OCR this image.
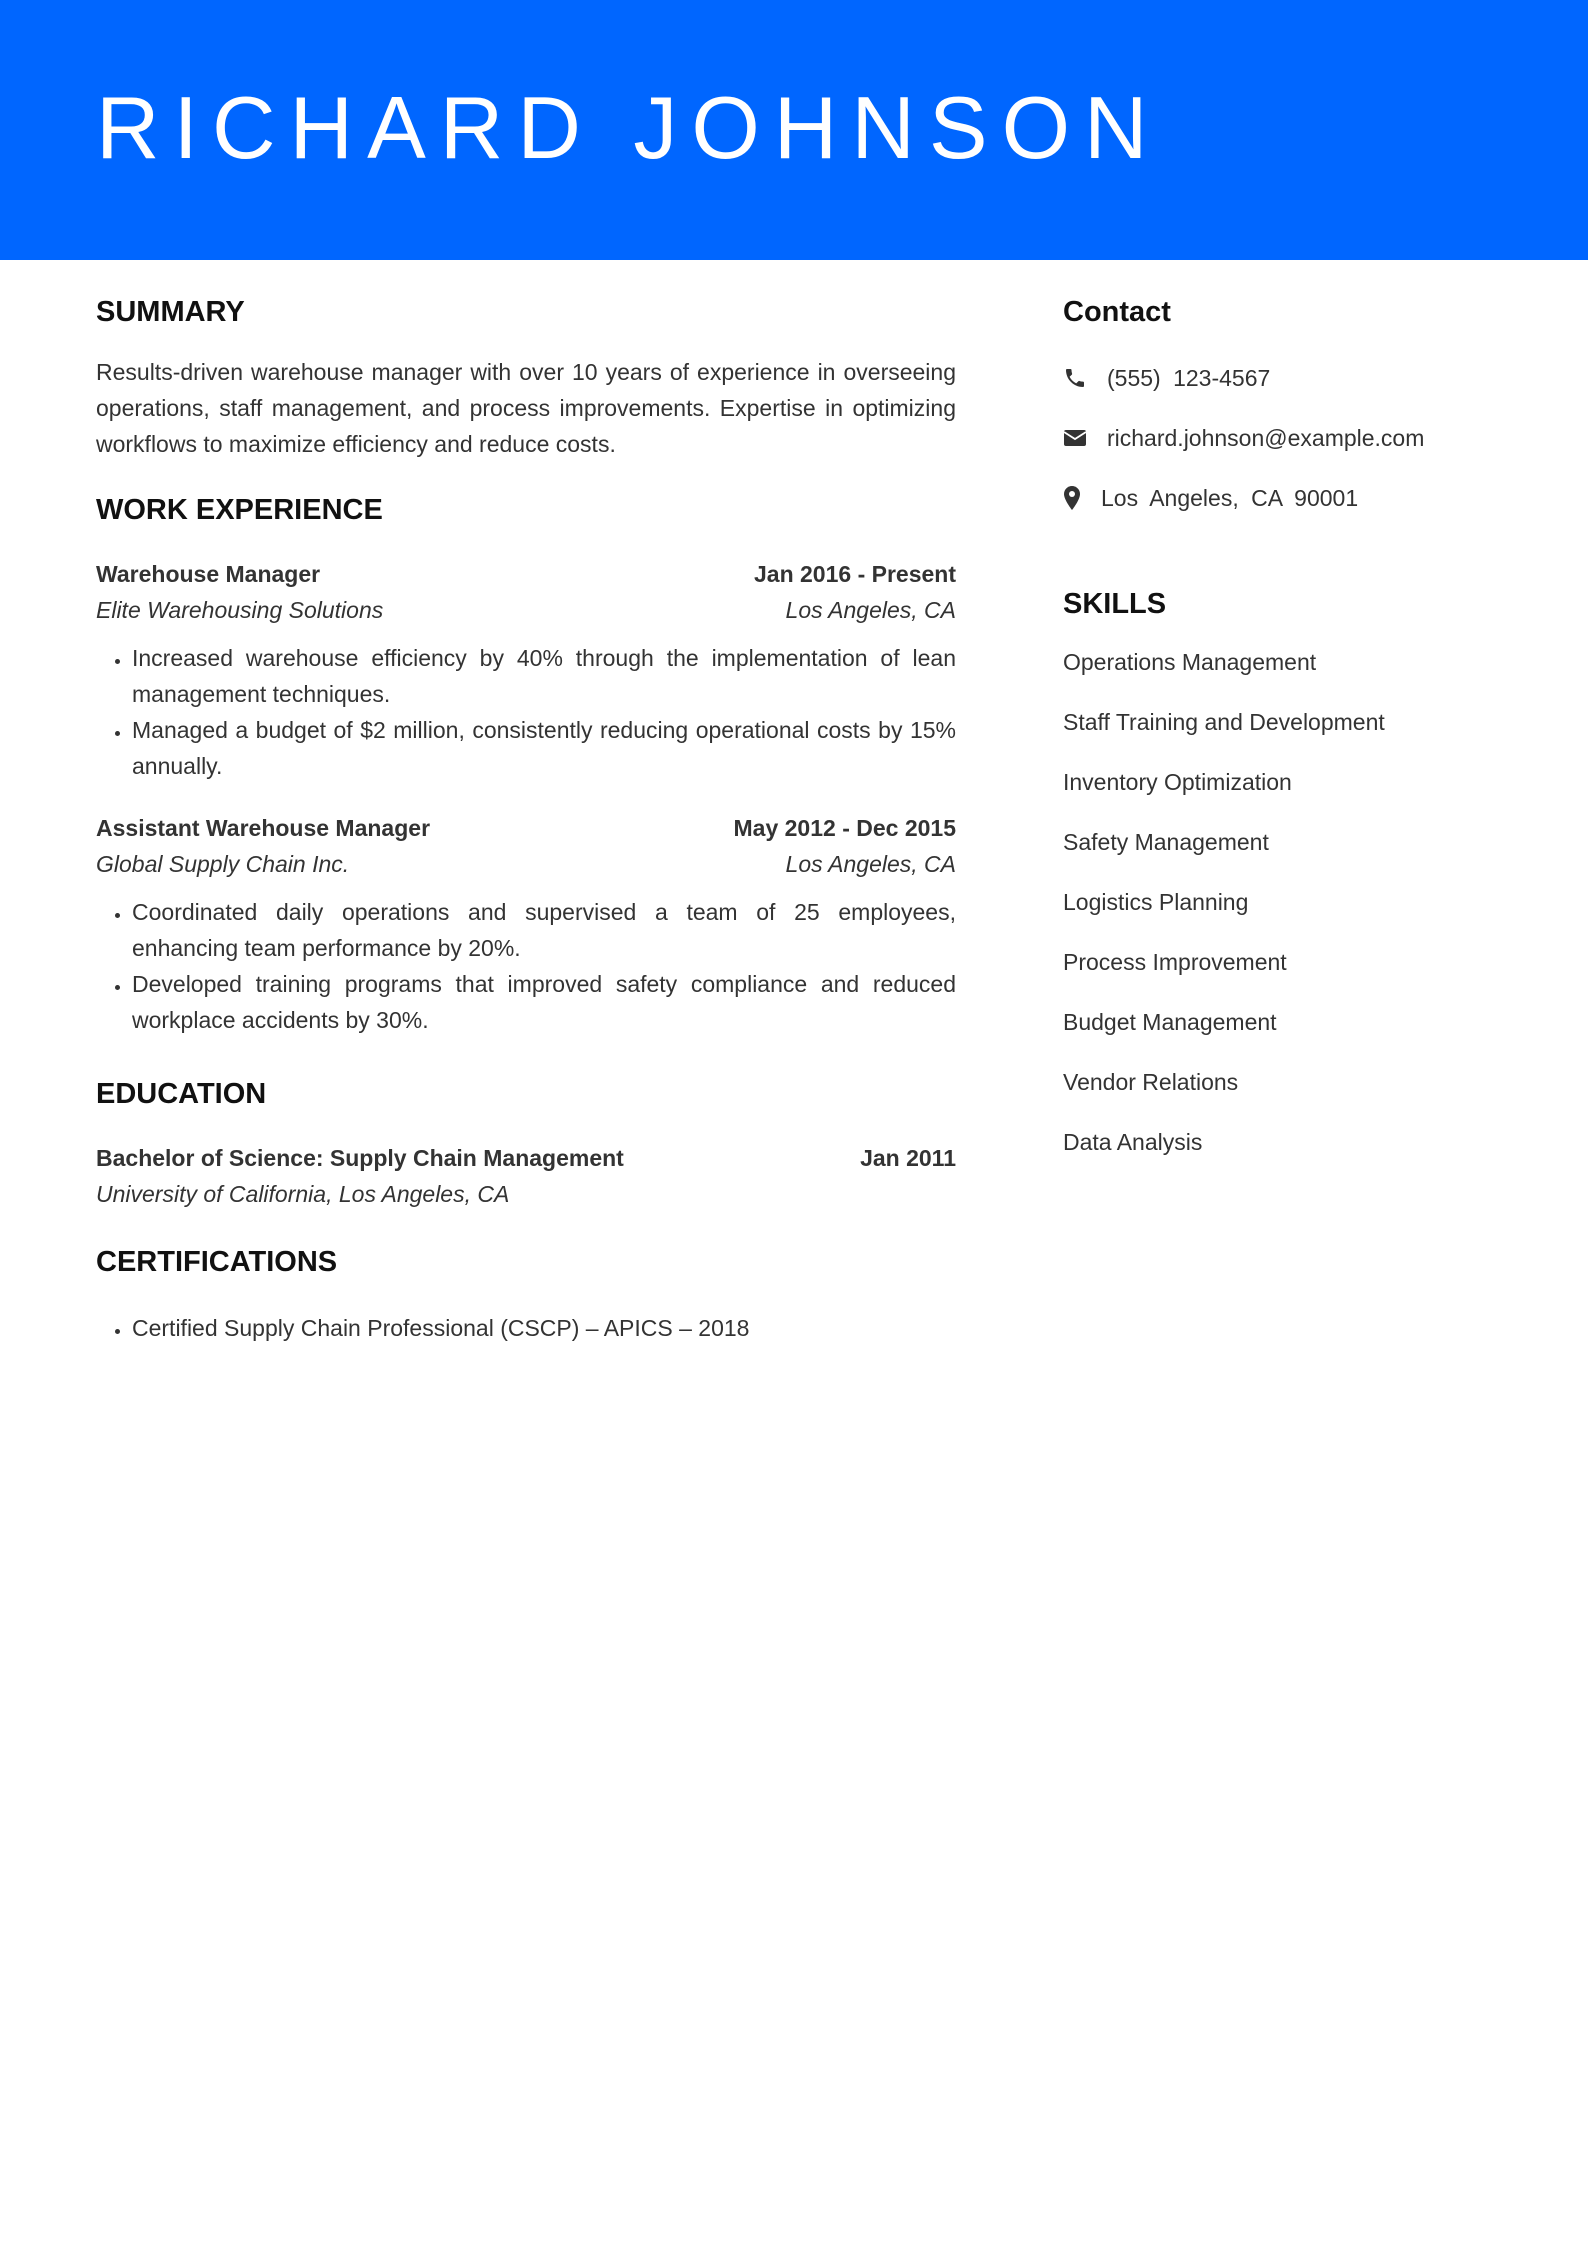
RICHARD JOHNSON
SUMMARY

Results-driven warehouse manager with over 10 years of experience in overseeing operations, staff management, and process improvements. Expertise in optimizing workflows to maximize efficiency and reduce costs.

WORK EXPERIENCE
Warehouse Manager	Jan 2016 - Present
Elite Warehousing Solutions	Los Angeles, CA
• Increased warehouse efficiency by 40% through the implementation of lean management techniques.
• Managed a budget of $2 million, consistently reducing operational costs by 15% annually.
Assistant Warehouse Manager	May 2012 - Dec 2015
Global Supply Chain Inc.	Los Angeles, CA
• Coordinated daily operations and supervised a team of 25 employees, enhancing team performance by 20%.
• Developed training programs that improved safety compliance and reduced workplace accidents by 30%.
EDUCATION
Bachelor of Science: Supply Chain Management	Jan 2011
University of California, Los Angeles, CA
CERTIFICATIONS
• Certified Supply Chain Professional (CSCP) – APICS – 2018
Contact
(555) 123-4567
richard.johnson@example.com
Los Angeles, CA 90001
SKILLS
Operations Management
Staff Training and Development
Inventory Optimization
Safety Management
Logistics Planning
Process Improvement
Budget Management
Vendor Relations
Data Analysis
